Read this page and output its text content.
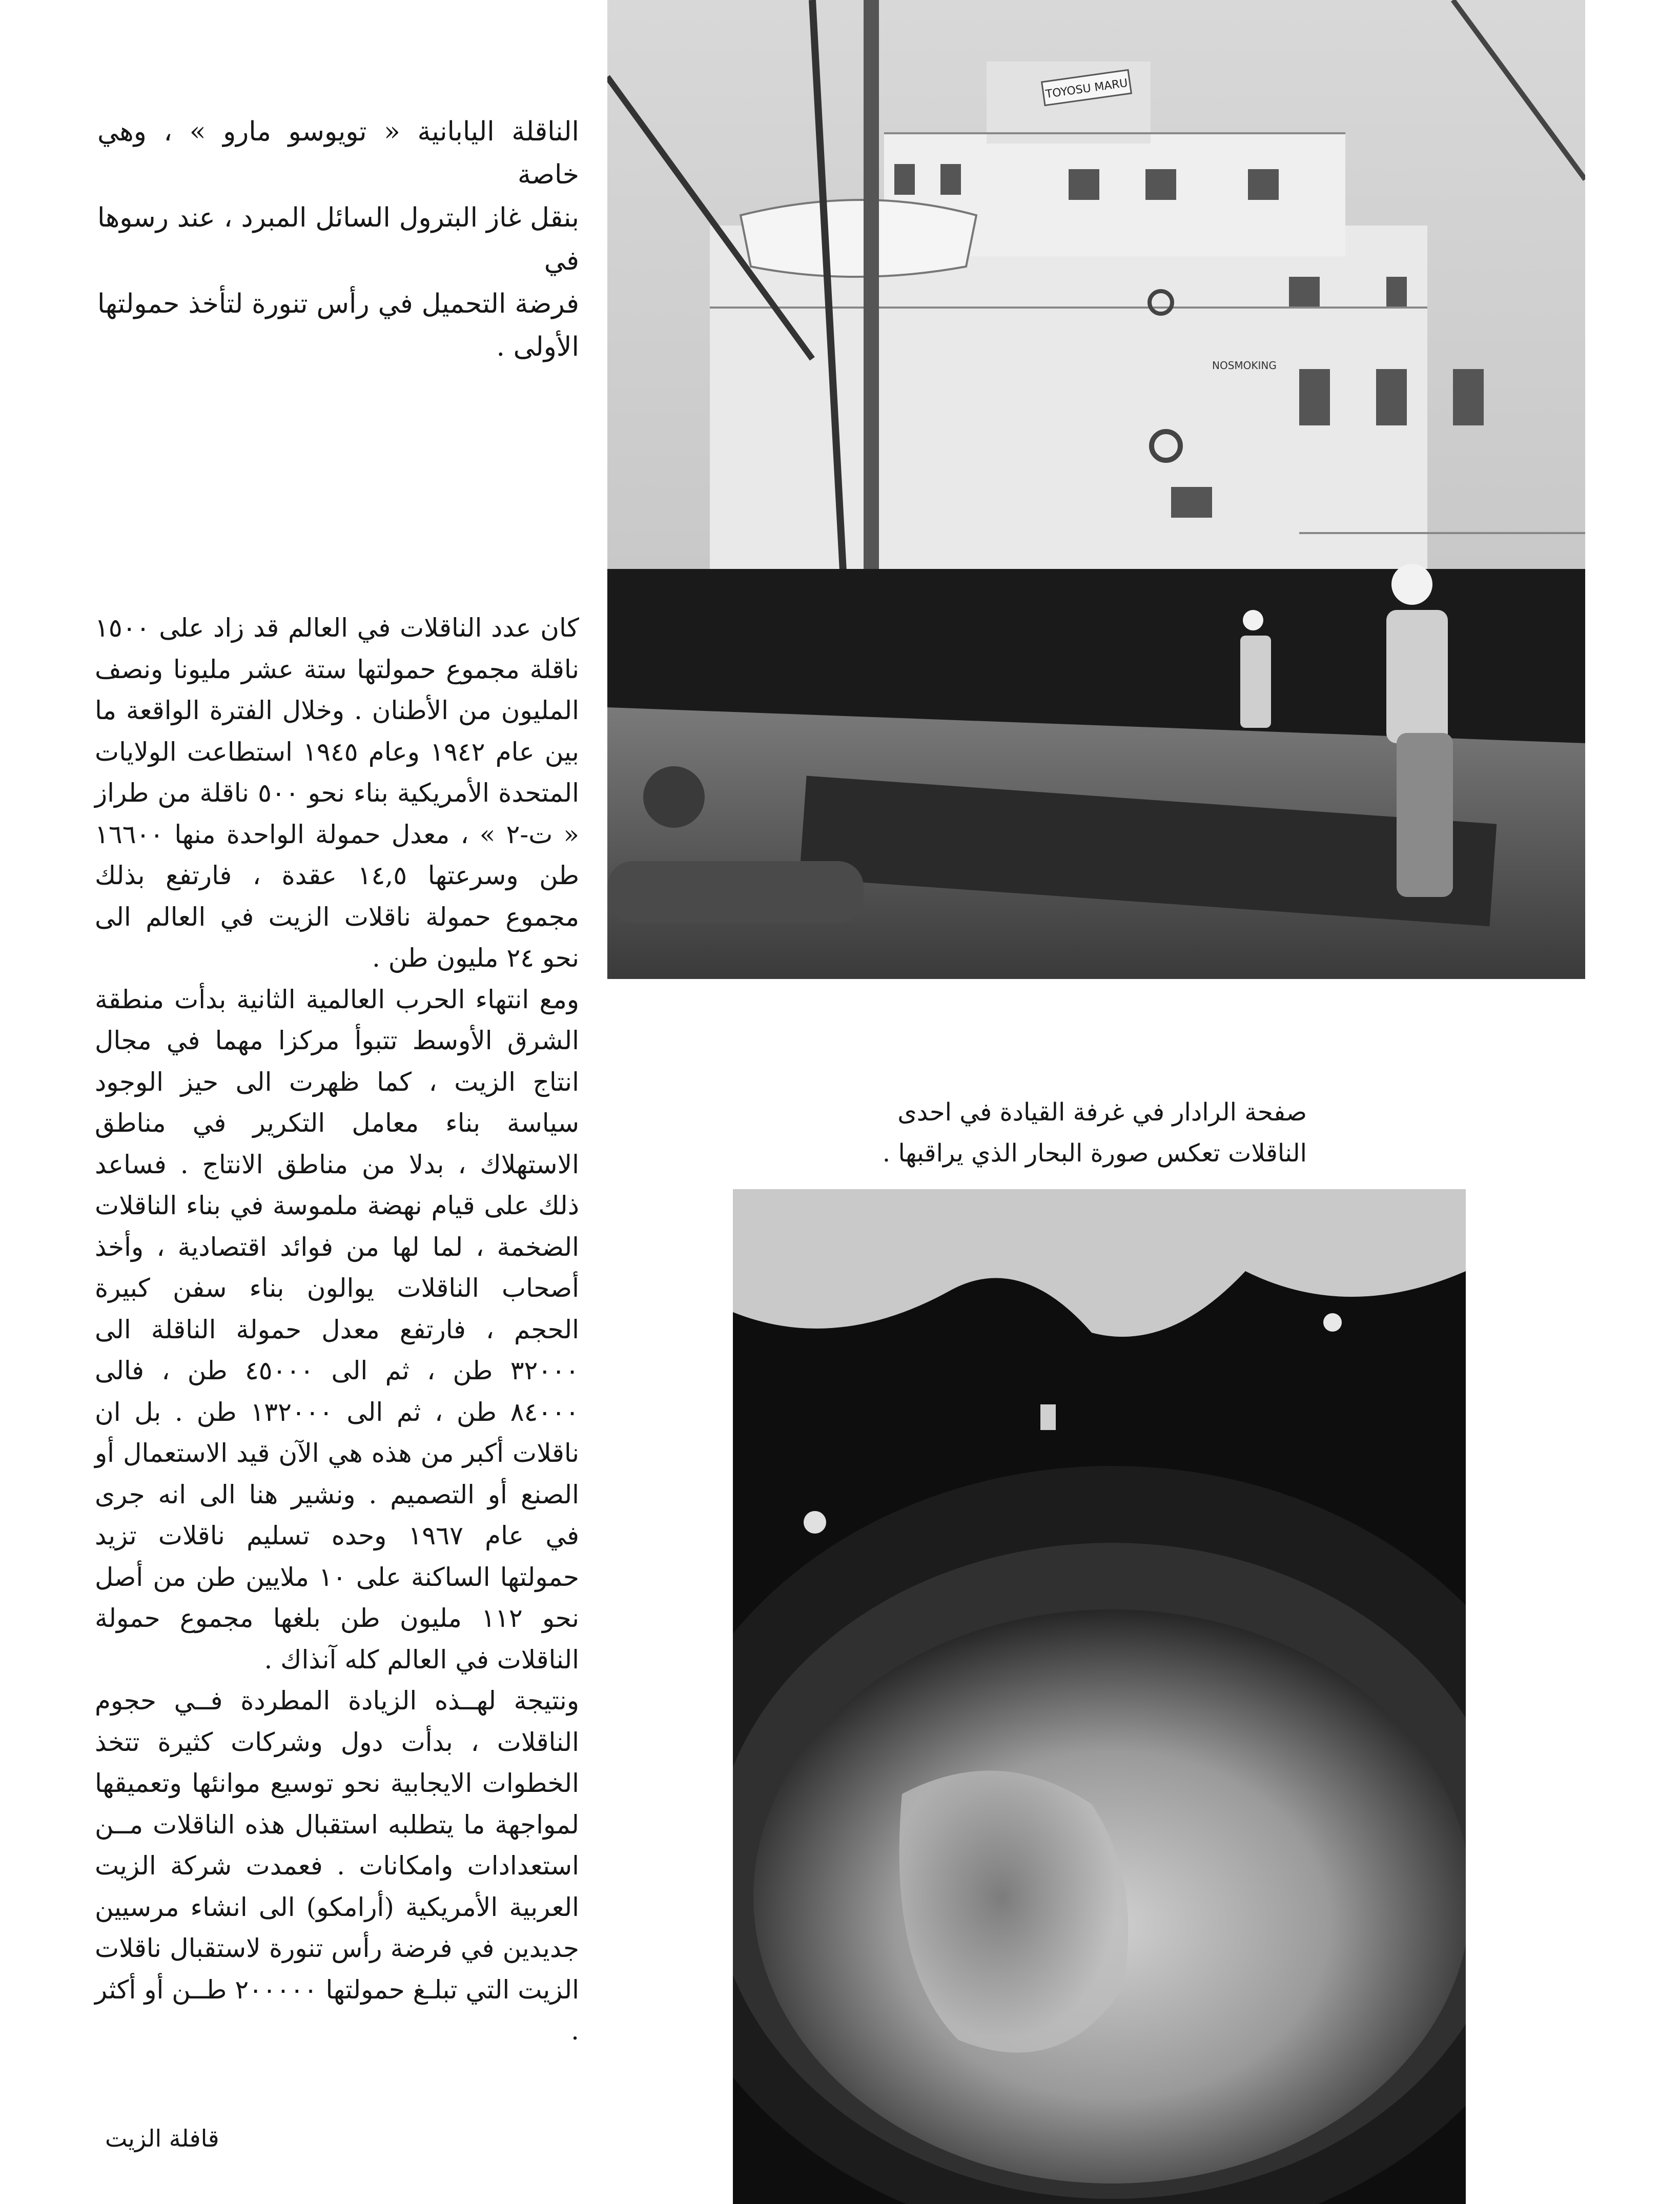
الناقلة اليابانية « تويوسو مارو » ، وهي خاصة

بنقل غاز البترول السائل المبرد ، عند رسوها في

فرضة التحميل في رأس تنورة لتأخذ حمولتها الأولى .

TOYOSU MARU
NOSMOKING

كان عدد الناقلات في العالم قد زاد على ١٥٠٠ ناقلة مجموع حمولتها ستة عشر مليونا ونصف المليون من الأطنان . وخلال الفترة الواقعة ما بين عام ١٩٤٢ وعام ١٩٤٥ استطاعت الولايات المتحدة الأمريكية بناء نحو ٥٠٠ ناقلة من طراز « ت-٢ » ، معدل حمولة الواحدة منها ١٦٦٠٠ طن وسرعتها ١٤,٥ عقدة ، فارتفع بذلك مجموع حمولة ناقلات الزيت في العالم الى نحو ٢٤ مليون طن .

ومع انتهاء الحرب العالمية الثانية بدأت منطقة الشرق الأوسط تتبوأ مركزا مهما في مجال انتاج الزيت ، كما ظهرت الى حيز الوجود سياسة بناء معامل التكرير في مناطق الاستهلاك ، بدلا من مناطق الانتاج . فساعد ذلك على قيام نهضة ملموسة في بناء الناقلات الضخمة ، لما لها من فوائد اقتصادية ، وأخذ أصحاب الناقلات يوالون بناء سفن كبيرة الحجم ، فارتفع معدل حمولة الناقلة الى ٣٢٠٠٠ طن ، ثم الى ٤٥٠٠٠ طن ، فالى ٨٤٠٠٠ طن ، ثم الى ١٣٢٠٠٠ طن . بل ان ناقلات أكبر من هذه هي الآن قيد الاستعمال أو الصنع أو التصميم . ونشير هنا الى انه جرى في عام ١٩٦٧ وحده تسليم ناقلات تزيد حمولتها الساكنة على ١٠ ملايين طن من أصل نحو ١١٢ مليون طن بلغها مجموع حمولة الناقلات في العالم كله آنذاك .

ونتيجة لهــذه الزيادة المطردة فــي حجوم الناقلات ، بدأت دول وشركات كثيرة تتخذ الخطوات الايجابية نحو توسيع موانئها وتعميقها لمواجهة ما يتطلبه استقبال هذه الناقلات مــن استعدادات وامكانات . فعمدت شركة الزيت العربية الأمريكية (أرامكو) الى انشاء مرسيين جديدين في فرضة رأس تنورة لاستقبال ناقلات الزيت التي تبلـغ حمولتها ٢٠٠٠٠٠ طــن أو أكثر .

صفحة الرادار في غرفة القيادة في احدى

الناقلات تعكس صورة البحار الذي يراقبها .

قافلة الزيت
